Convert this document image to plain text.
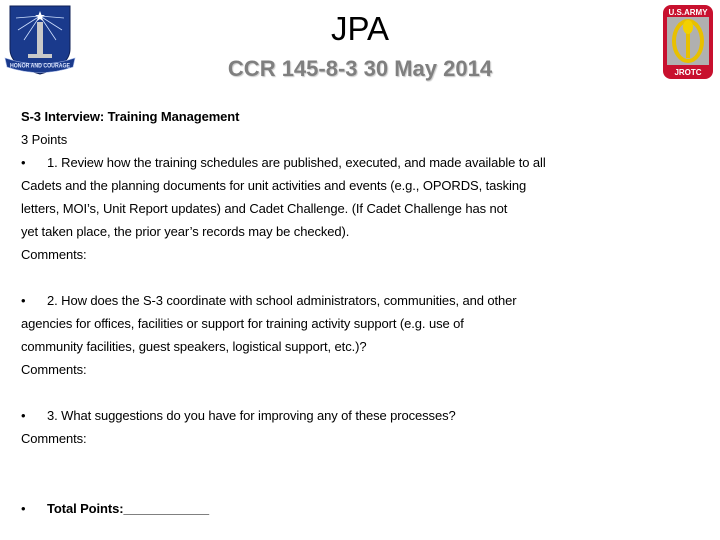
HONOR AND COURAGE
U.S.ARMY
JROTC
JPA
CCR 145-8-3 30 May 2014
S-3 Interview: Training Management
3 Points
• 1. Review how the training schedules are published, executed, and made available to all
Cadets and the planning documents for unit activities and events (e.g., OPORDS, tasking
letters, MOI’s, Unit Report updates) and Cadet Challenge. (If Cadet Challenge has not
yet taken place, the prior year’s records may be checked).
Comments:
• 2. How does the S-3 coordinate with school administrators, communities, and other
agencies for offices, facilities or support for training activity support (e.g. use of
community facilities, guest speakers, logistical support, etc.)?
Comments:
• 3. What suggestions do you have for improving any of these processes?
Comments:
• Total Points:____________
